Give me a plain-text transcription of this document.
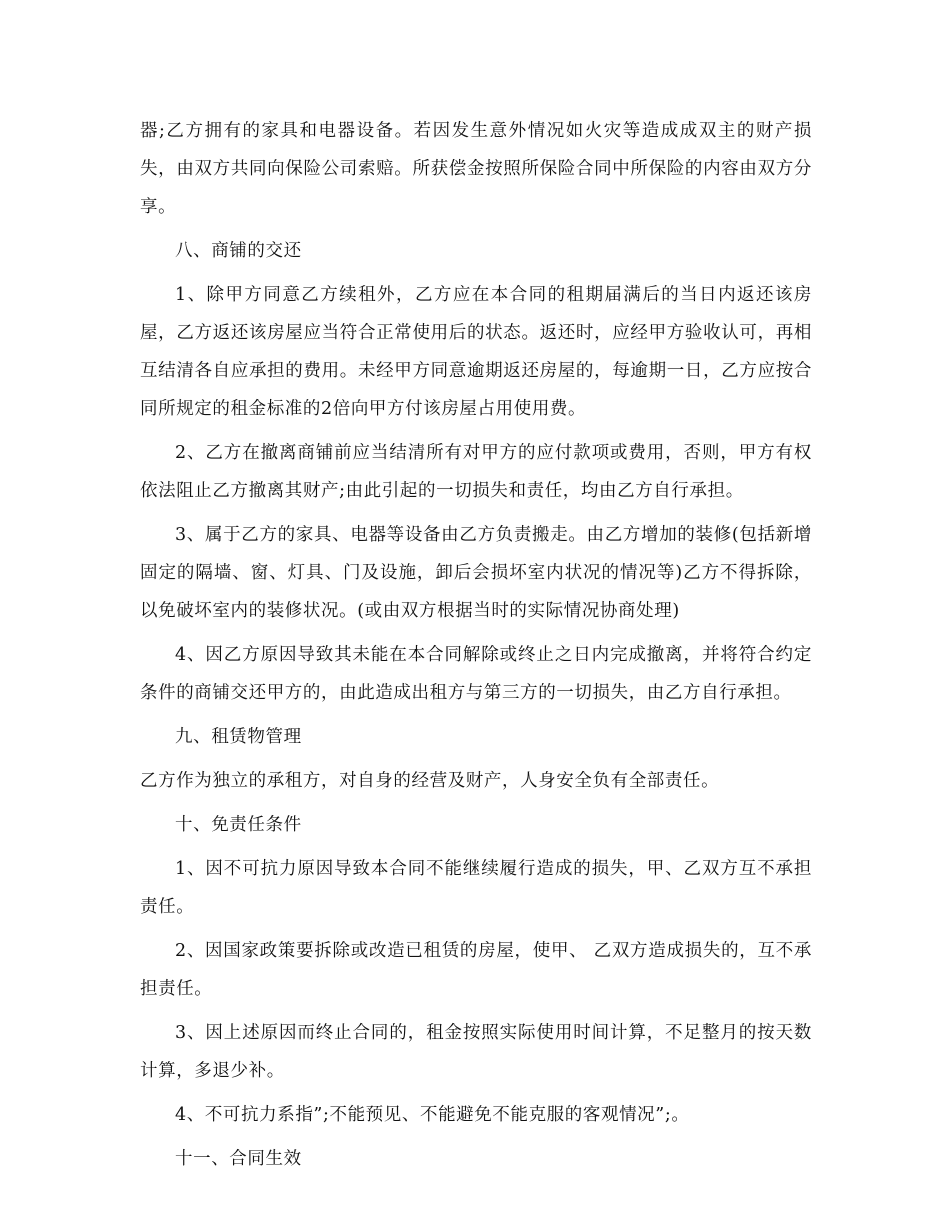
器;乙方拥有的家具和电器设备。若因发生意外情况如火灾等造成成双主的财产损失，由双方共同向保险公司索赔。所获偿金按照所保险合同中所保险的内容由双方分享。

八、商铺的交还

1、除甲方同意乙方续租外，乙方应在本合同的租期届满后的当日内返还该房屋，乙方返还该房屋应当符合正常使用后的状态。返还时，应经甲方验收认可，再相互结清各自应承担的费用。未经甲方同意逾期返还房屋的，每逾期一日，乙方应按合同所规定的租金标准的2倍向甲方付该房屋占用使用费。

2、乙方在撤离商铺前应当结清所有对甲方的应付款项或费用，否则，甲方有权依法阻止乙方撤离其财产;由此引起的一切损失和责任，均由乙方自行承担。

3、属于乙方的家具、电器等设备由乙方负责搬走。由乙方增加的装修(包括新增固定的隔墙、窗、灯具、门及设施，卸后会损坏室内状况的情况等)乙方不得拆除，以免破坏室内的装修状况。(或由双方根据当时的实际情况协商处理)

4、因乙方原因导致其未能在本合同解除或终止之日内完成撤离，并将符合约定条件的商铺交还甲方的，由此造成出租方与第三方的一切损失，由乙方自行承担。

九、租赁物管理

乙方作为独立的承租方，对自身的经营及财产，人身安全负有全部责任。

十、免责任条件

1、因不可抗力原因导致本合同不能继续履行造成的损失，甲、乙双方互不承担责任。

2、因国家政策要拆除或改造已租赁的房屋，使甲、 乙双方造成损失的，互不承担责任。

3、因上述原因而终止合同的，租金按照实际使用时间计算，不足整月的按天数计算，多退少补。

4、不可抗力系指”;不能预见、不能避免不能克服的客观情况”;。

十一、合同生效
